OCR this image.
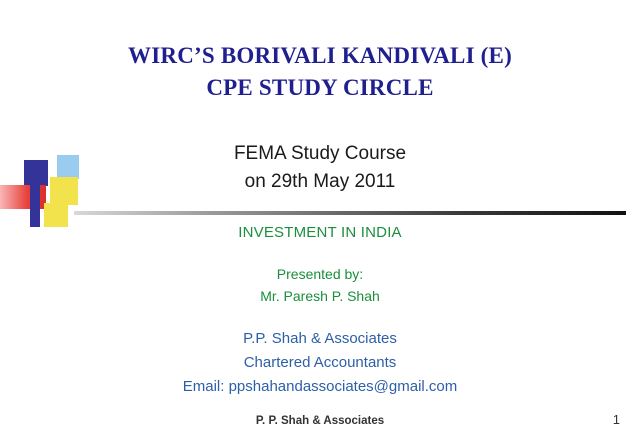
WIRC’S BORIVALI KANDIVALI (E)
CPE STUDY CIRCLE
FEMA Study Course
on 29th May 2011
INVESTMENT IN INDIA
Presented by:
Mr. Paresh P. Shah
P.P. Shah & Associates
Chartered Accountants
Email: ppshahandassociates@gmail.com
P. P. Shah & Associates	1
